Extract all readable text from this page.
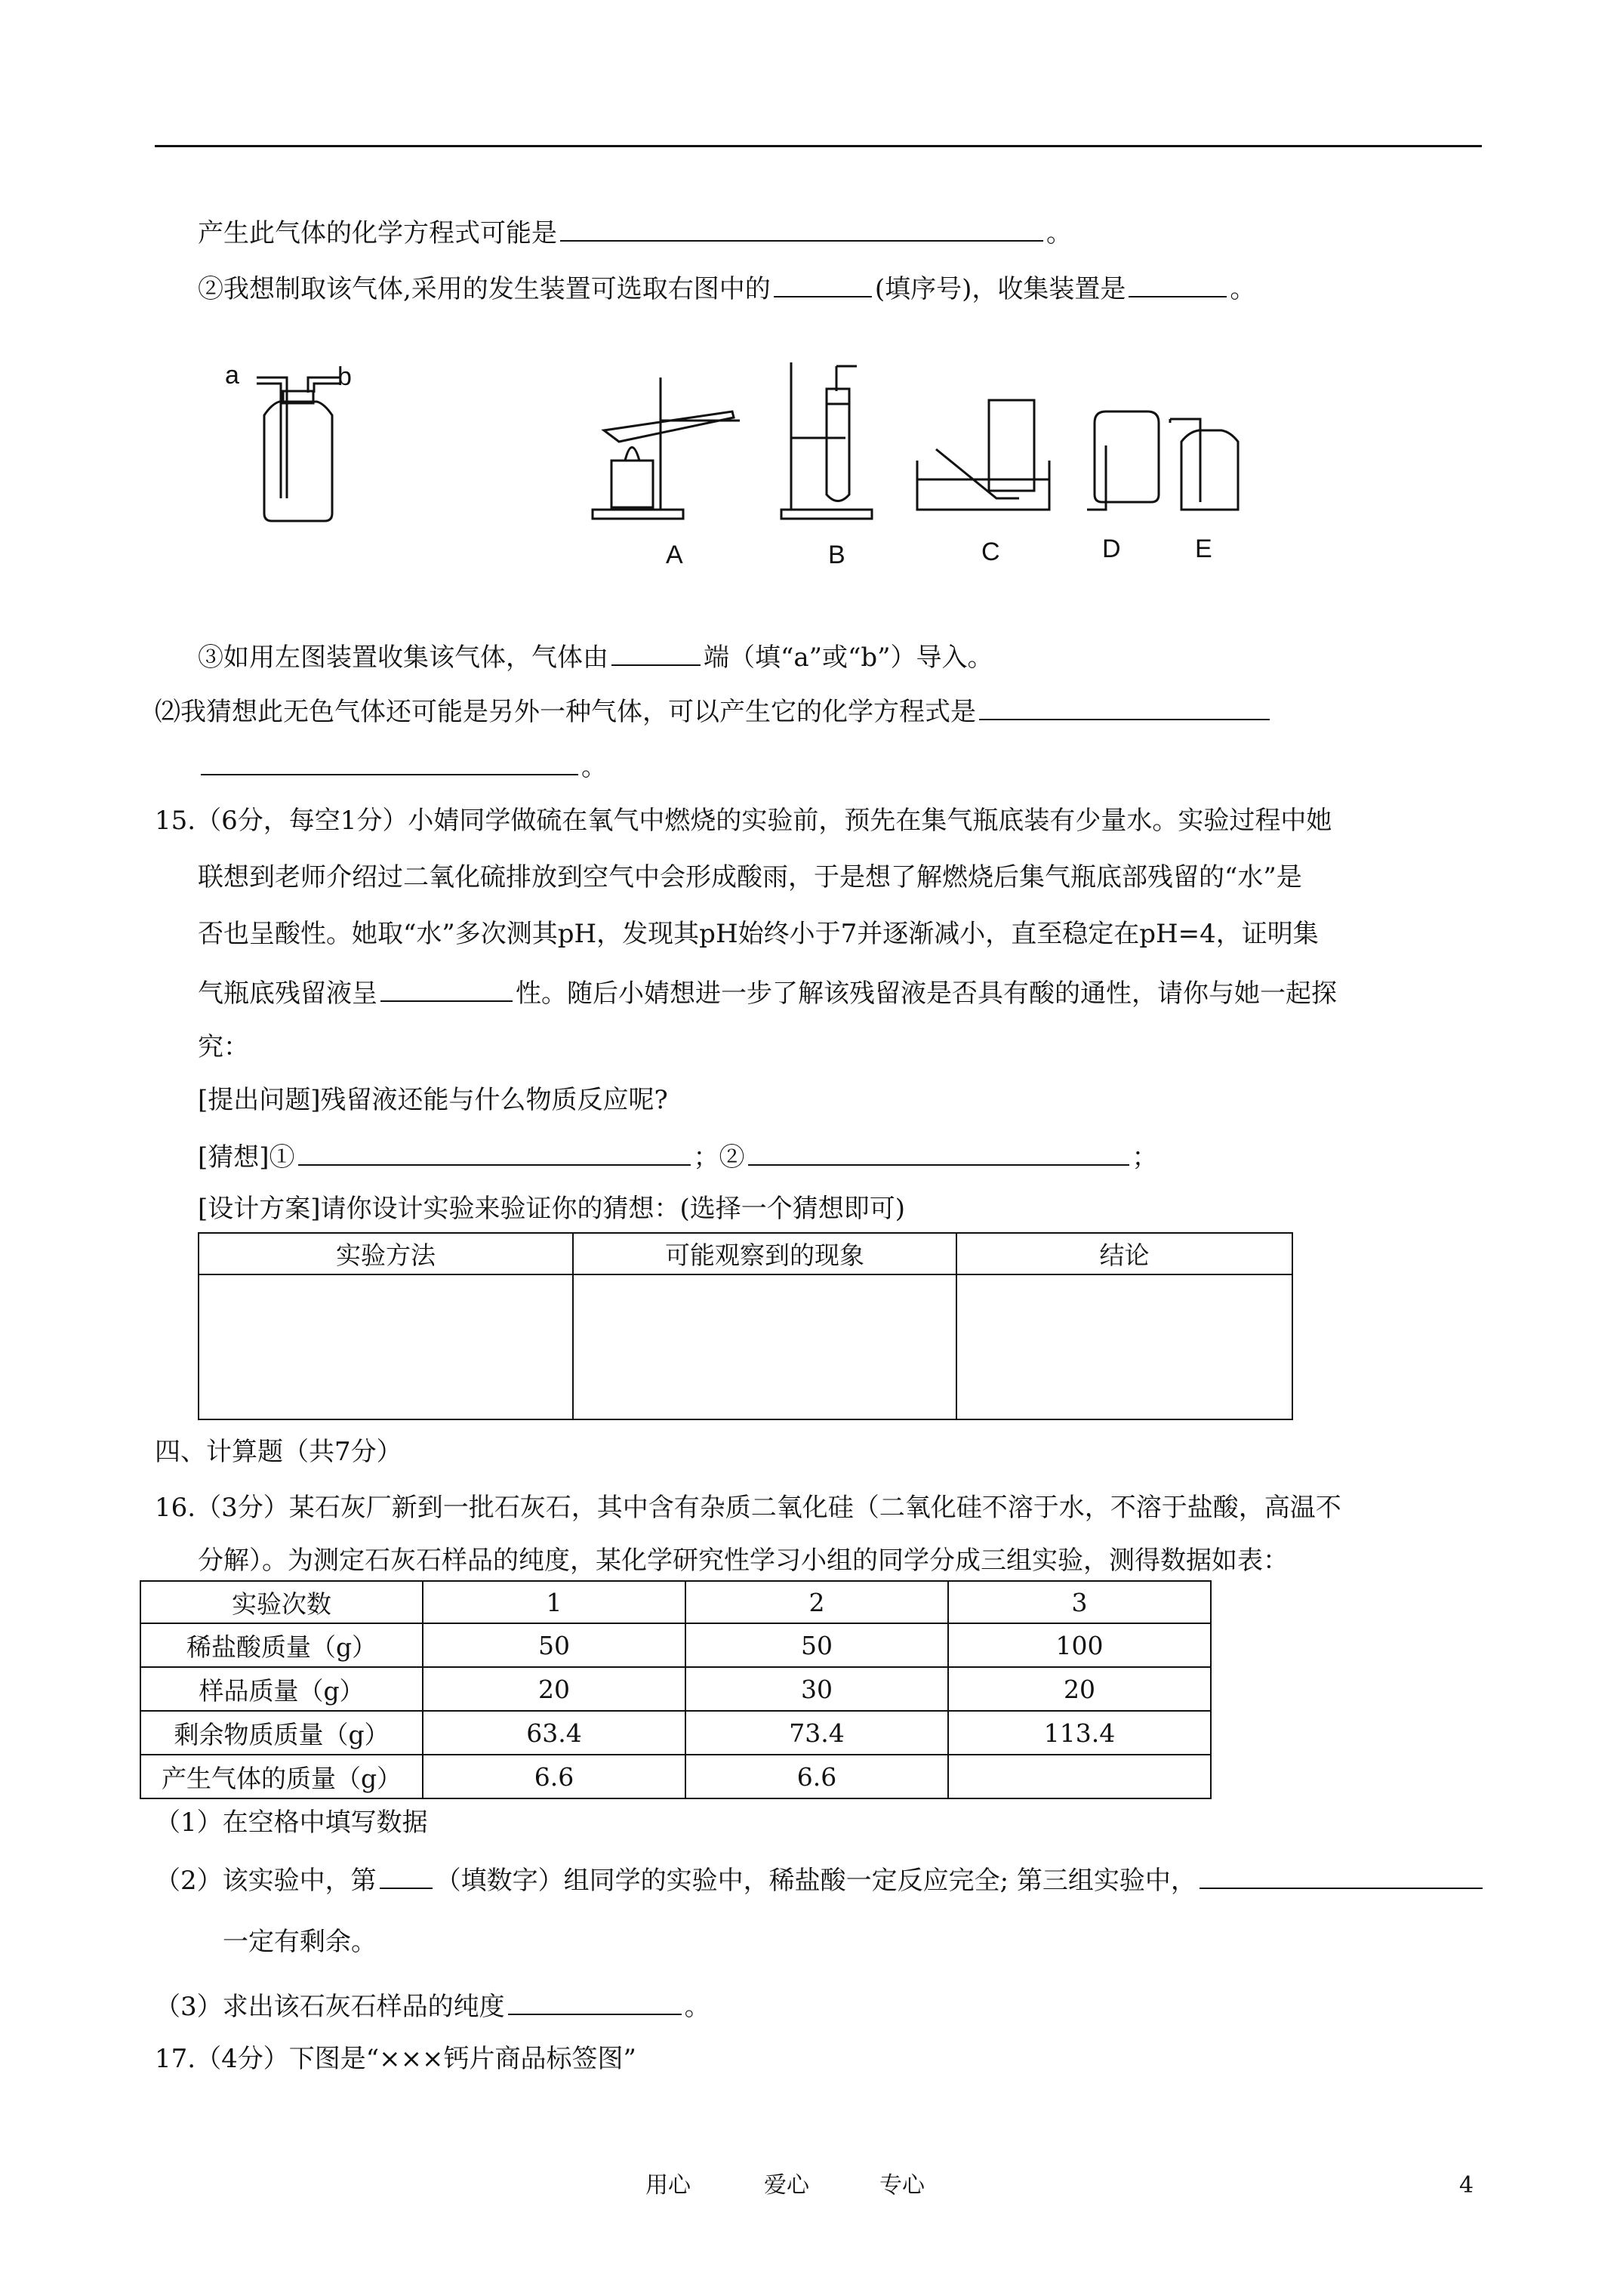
产生此气体的化学方程式可能是	。
②我想制取该气体,采用的发生装置可选取右图中的	(填序号)，收集装置是	。
a	b
A	B	C	D	E
③如用左图装置收集该气体，气体由	端（填“a”或“b”）导入。
⑵我猜想此无色气体还可能是另外一种气体，可以产生它的化学方程式是
。
15.（6分，每空1分）小婧同学做硫在氧气中燃烧的实验前，预先在集气瓶底装有少量水。实验过程中她
联想到老师介绍过二氧化硫排放到空气中会形成酸雨，于是想了解燃烧后集气瓶底部残留的“水”是
否也呈酸性。她取“水”多次测其pH，发现其pH始终小于7并逐渐减小，直至稳定在pH=4，证明集
气瓶底残留液呈	性。随后小婧想进一步了解该残留液是否具有酸的通性，请你与她一起探
究：
[提出问题]残留液还能与什么物质反应呢?
[猜想]①	；②	；
[设计方案]请你设计实验来验证你的猜想：(选择一个猜想即可)
实验方法	可能观察到的现象	结论

四、计算题（共7分）
16.（3分）某石灰厂新到一批石灰石，其中含有杂质二氧化硅（二氧化硅不溶于水，不溶于盐酸，高温不
分解）。为测定石灰石样品的纯度，某化学研究性学习小组的同学分成三组实验，测得数据如表：
实验次数	1	2	3
稀盐酸质量（g）	50	50	100
样品质量（g）	20	30	20
剩余物质质量（g）	63.4	73.4	113.4
产生气体的质量（g）	6.6	6.6	
（1）在空格中填写数据
（2）该实验中，第 （填数字）组同学的实验中，稀盐酸一定反应完全; 第三组实验中，
一定有剩余。
（3）求出该石灰石样品的纯度	。
17.（4分）下图是“×××钙片商品标签图”
用心	爱心	专心	4
